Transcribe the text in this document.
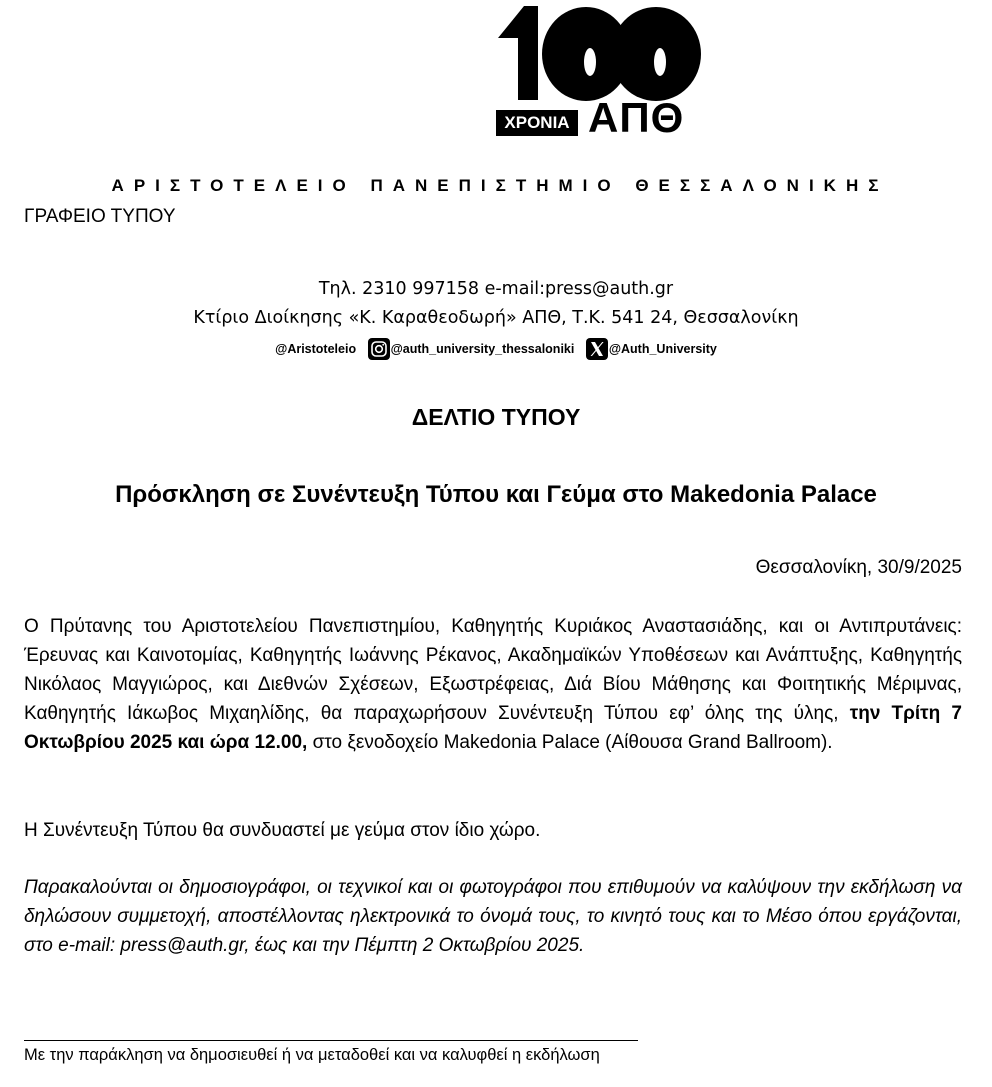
ΧΡΟΝΙΑ ΑΠΘ
ΑΡΙΣΤΟΤΕΛΕΙΟ ΠΑΝΕΠΙΣΤΗΜΙΟ ΘΕΣΣΑΛΟΝΙΚΗΣ
ΓΡΑΦΕΙΟ ΤΥΠΟΥ
Τηλ. 2310 997158 e-mail:press@auth.gr
Κτίριο Διοίκησης «Κ. Καραθεοδωρή» ΑΠΘ, Τ.Κ. 541 24, Θεσσαλονίκη
@Aristoteleio	@auth_university_thessaloniki	@Auth_University
ΔΕΛΤΙΟ ΤΥΠΟΥ
Πρόσκληση σε Συνέντευξη Τύπου και Γεύμα στο Makedonia Palace
Θεσσαλονίκη, 30/9/2025
Ο Πρύτανης του Αριστοτελείου Πανεπιστημίου, Καθηγητής Κυριάκος Αναστασιάδης, και οι Αντιπρυτάνεις: Έρευνας και Καινοτομίας, Καθηγητής Ιωάννης Ρέκανος, Ακαδημαϊκών Υποθέσεων και Ανάπτυξης, Καθηγητής Νικόλαος Μαγγιώρος, και Διεθνών Σχέσεων, Εξωστρέφειας, Διά Βίου Μάθησης και Φοιτητικής Μέριμνας, Καθηγητής Ιάκωβος Μιχαηλίδης, θα παραχωρήσουν Συνέντευξη Τύπου εφ’ όλης της ύλης, την Τρίτη 7 Οκτωβρίου 2025 και ώρα 12.00, στο ξενοδοχείο Makedonia Palace (Αίθουσα Grand Ballroom).
Η Συνέντευξη Τύπου θα συνδυαστεί με γεύμα στον ίδιο χώρο.
Παρακαλούνται οι δημοσιογράφοι, οι τεχνικοί και οι φωτογράφοι που επιθυμούν να καλύψουν την εκδήλωση να δηλώσουν συμμετοχή, αποστέλλοντας ηλεκτρονικά το όνομά τους, το κινητό τους και το Μέσο όπου εργάζονται, στο e-mail: press@auth.gr, έως και την Πέμπτη 2 Οκτωβρίου 2025.
Με την παράκληση να δημοσιευθεί ή να μεταδοθεί και να καλυφθεί η εκδήλωση
